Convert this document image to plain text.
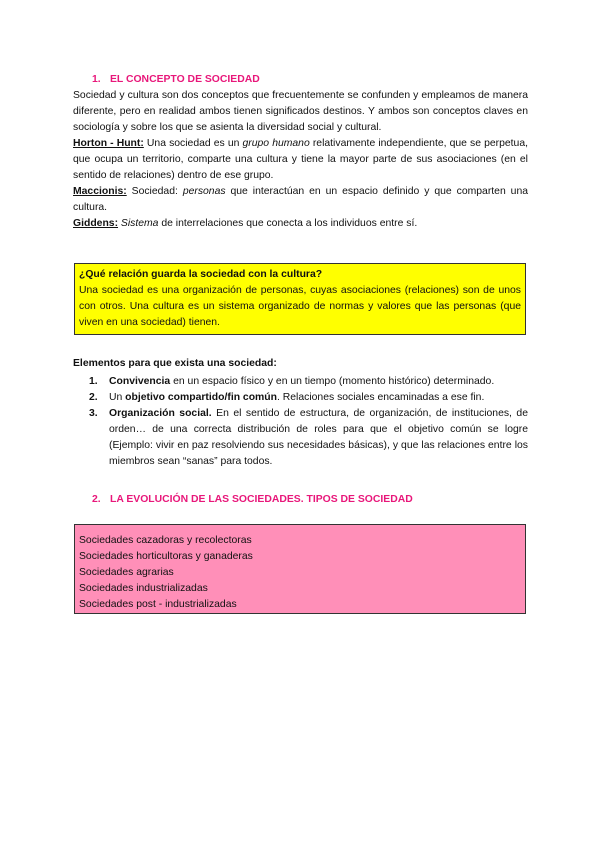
1. EL CONCEPTO DE SOCIEDAD

Sociedad y cultura son dos conceptos que frecuentemente se confunden y empleamos de manera diferente, pero en realidad ambos tienen significados destinos. Y ambos son conceptos claves en sociología y sobre los que se asienta la diversidad social y cultural.

Horton - Hunt: Una sociedad es un grupo humano relativamente independiente, que se perpetua, que ocupa un territorio, comparte una cultura y tiene la mayor parte de sus asociaciones (en el sentido de relaciones) dentro de ese grupo.

Maccionis: Sociedad: personas que interactúan en un espacio definido y que comparten una cultura.

Giddens: Sistema de interrelaciones que conecta a los individuos entre sí.

¿Qué relación guarda la sociedad con la cultura?

Una sociedad es una organización de personas, cuyas asociaciones (relaciones) son de unos con otros. Una cultura es un sistema organizado de normas y valores que las personas (que viven en una sociedad) tienen.

Elementos para que exista una sociedad:

1. Convivencia en un espacio físico y en un tiempo (momento histórico) determinado.
2. Un objetivo compartido/fin común. Relaciones sociales encaminadas a ese fin.
3. Organización social. En el sentido de estructura, de organización, de instituciones, de orden… de una correcta distribución de roles para que el objetivo común se logre (Ejemplo: vivir en paz resolviendo sus necesidades básicas), y que las relaciones entre los miembros sean “sanas” para todos.
2. LA EVOLUCIÓN DE LAS SOCIEDADES. TIPOS DE SOCIEDAD

Sociedades cazadoras y recolectoras

Sociedades horticultoras y ganaderas

Sociedades agrarias

Sociedades industrializadas

Sociedades post - industrializadas
